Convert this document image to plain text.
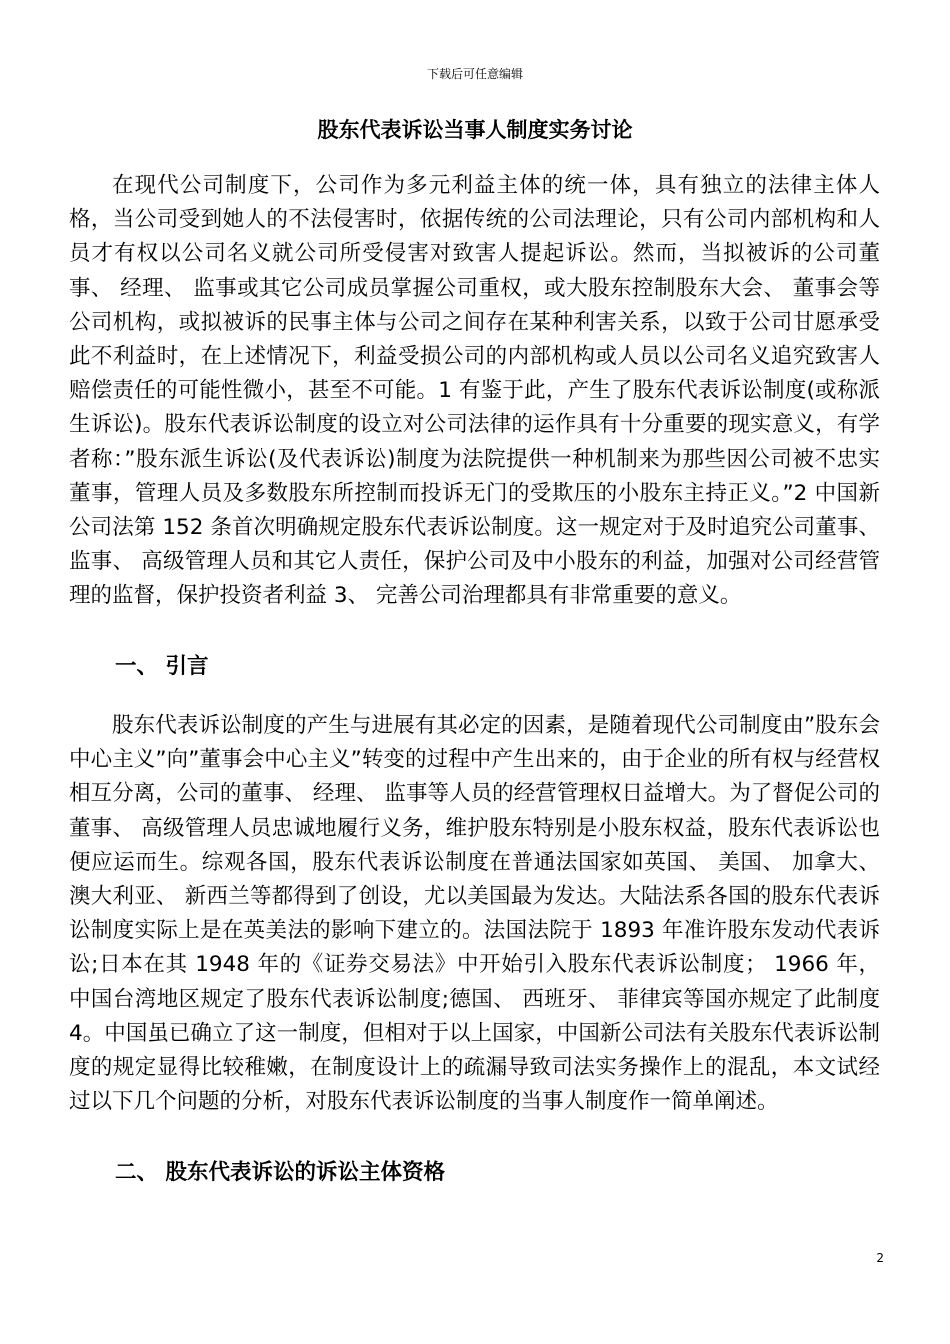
下载后可任意编辑
股东代表诉讼当事人制度实务讨论

在现代公司制度下，公司作为多元利益主体的统一体，具有独立的法律主体人格，当公司受到她人的不法侵害时，依据传统的公司法理论，只有公司内部机构和人员才有权以公司名义就公司所受侵害对致害人提起诉讼。然而，当拟被诉的公司董事、 经理、 监事或其它公司成员掌握公司重权，或大股东控制股东大会、 董事会等公司机构，或拟被诉的民事主体与公司之间存在某种利害关系，以致于公司甘愿承受此不利益时，在上述情况下，利益受损公司的内部机构或人员以公司名义追究致害人赔偿责任的可能性微小，甚至不可能。1 有鉴于此，产生了股东代表诉讼制度(或称派生诉讼)。股东代表诉讼制度的设立对公司法律的运作具有十分重要的现实意义，有学者称：”股东派生诉讼(及代表诉讼)制度为法院提供一种机制来为那些因公司被不忠实董事，管理人员及多数股东所控制而投诉无门的受欺压的小股东主持正义。”2 中国新公司法第 152 条首次明确规定股东代表诉讼制度。这一规定对于及时追究公司董事、 监事、 高级管理人员和其它人责任，保护公司及中小股东的利益，加强对公司经营管理的监督，保护投资者利益 3、 完善公司治理都具有非常重要的意义。

一、 引言

股东代表诉讼制度的产生与进展有其必定的因素，是随着现代公司制度由”股东会中心主义”向”董事会中心主义”转变的过程中产生出来的，由于企业的所有权与经营权相互分离，公司的董事、 经理、 监事等人员的经营管理权日益增大。为了督促公司的董事、 高级管理人员忠诚地履行义务，维护股东特别是小股东权益，股东代表诉讼也便应运而生。综观各国，股东代表诉讼制度在普通法国家如英国、 美国、 加拿大、 澳大利亚、 新西兰等都得到了创设，尤以美国最为发达。大陆法系各国的股东代表诉讼制度实际上是在英美法的影响下建立的。法国法院于 1893 年准许股东发动代表诉讼;日本在其 1948 年的《证券交易法》中开始引入股东代表诉讼制度； 1966 年， 中国台湾地区规定了股东代表诉讼制度;德国、 西班牙、 菲律宾等国亦规定了此制度 4。中国虽已确立了这一制度，但相对于以上国家，中国新公司法有关股东代表诉讼制度的规定显得比较稚嫩，在制度设计上的疏漏导致司法实务操作上的混乱，本文试经过以下几个问题的分析，对股东代表诉讼制度的当事人制度作一简单阐述。

二、 股东代表诉讼的诉讼主体资格
2
